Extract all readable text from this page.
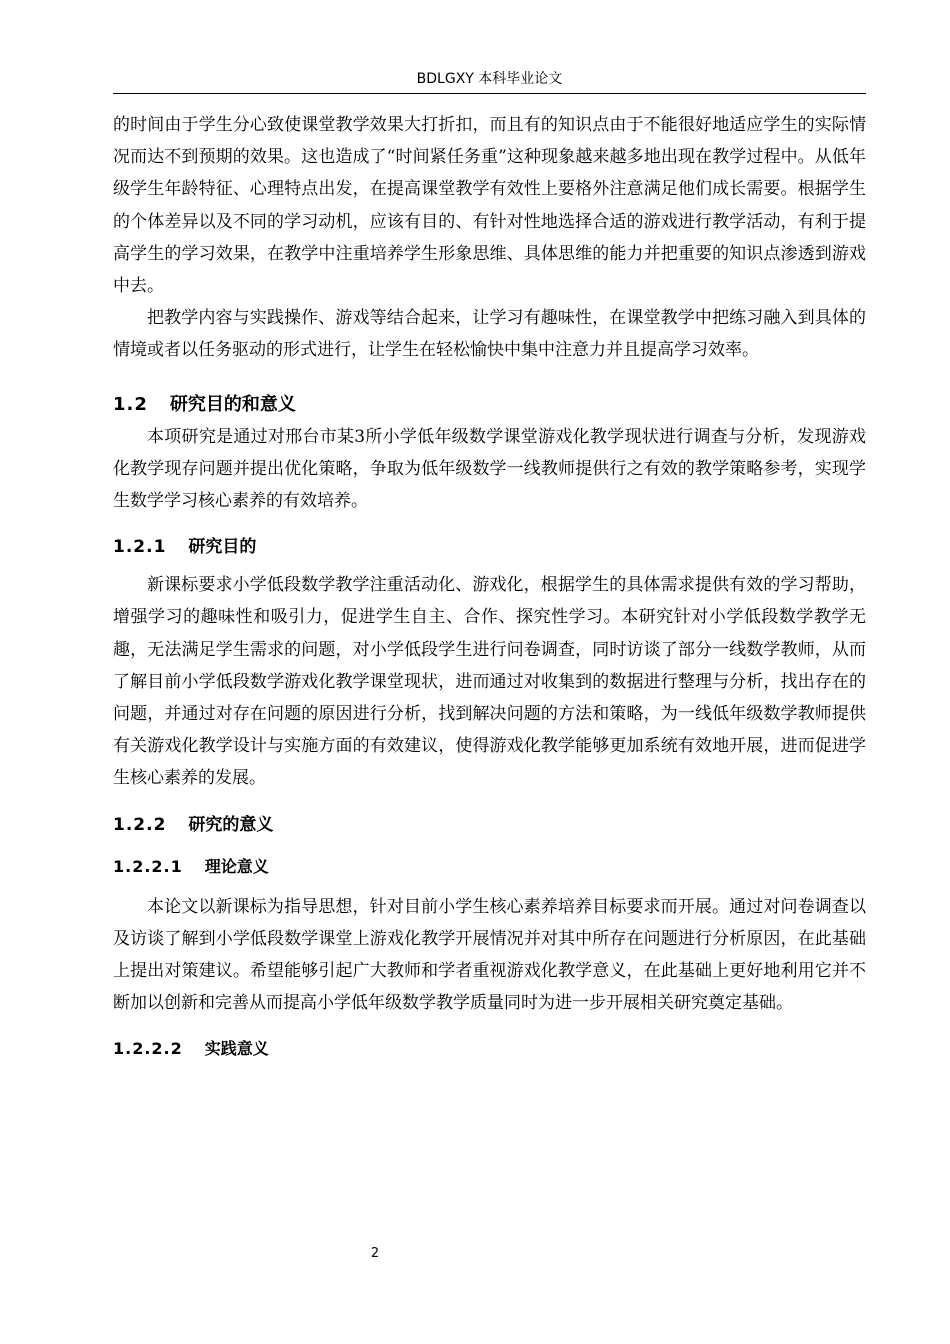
BDLGXY 本科毕业论文

的时间由于学生分心致使课堂教学效果大打折扣，而且有的知识点由于不能很好地适应学生的实际情况而达不到预期的效果。这也造成了“时间紧任务重”这种现象越来越多地出现在教学过程中。从低年级学生年龄特征、心理特点出发，在提高课堂教学有效性上要格外注意满足他们成长需要。根据学生的个体差异以及不同的学习动机，应该有目的、有针对性地选择合适的游戏进行教学活动，有利于提高学生的学习效果，在教学中注重培养学生形象思维、具体思维的能力并把重要的知识点渗透到游戏中去。

把教学内容与实践操作、游戏等结合起来，让学习有趣味性，在课堂教学中把练习融入到具体的情境或者以任务驱动的形式进行，让学生在轻松愉快中集中注意力并且提高学习效率。

1.2 研究目的和意义

本项研究是通过对邢台市某3所小学低年级数学课堂游戏化教学现状进行调查与分析，发现游戏化教学现存问题并提出优化策略，争取为低年级数学一线教师提供行之有效的教学策略参考，实现学生数学学习核心素养的有效培养。

1.2.1 研究目的

新课标要求小学低段数学教学注重活动化、游戏化，根据学生的具体需求提供有效的学习帮助，增强学习的趣味性和吸引力，促进学生自主、合作、探究性学习。本研究针对小学低段数学教学无趣，无法满足学生需求的问题，对小学低段学生进行问卷调查，同时访谈了部分一线数学教师，从而了解目前小学低段数学游戏化教学课堂现状，进而通过对收集到的数据进行整理与分析，找出存在的问题，并通过对存在问题的原因进行分析，找到解决问题的方法和策略，为一线低年级数学教师提供有关游戏化教学设计与实施方面的有效建议，使得游戏化教学能够更加系统有效地开展，进而促进学生核心素养的发展。

1.2.2 研究的意义
1.2.2.1 理论意义

本论文以新课标为指导思想，针对目前小学生核心素养培养目标要求而开展。通过对问卷调查以及访谈了解到小学低段数学课堂上游戏化教学开展情况并对其中所存在问题进行分析原因，在此基础上提出对策建议。希望能够引起广大教师和学者重视游戏化教学意义，在此基础上更好地利用它并不断加以创新和完善从而提高小学低年级数学教学质量同时为进一步开展相关研究奠定基础。

1.2.2.2 实践意义
2
